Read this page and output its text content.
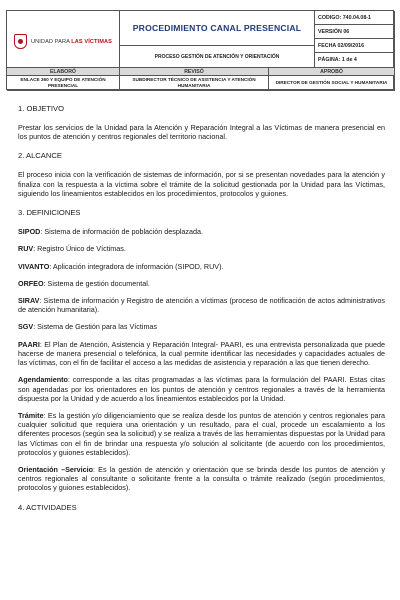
UNIDAD PARA LAS VÍCTIMAS
PROCEDIMIENTO CANAL PRESENCIAL
PROCESO GESTIÓN DE ATENCIÓN Y ORIENTACIÓN
CODIGO: 740.04.08-1
VERSIÓN 06
FECHA 02/09/2016
PÁGINA: 1 de 4
ELABORÓ	REVISÓ	APROBÓ
ENLACE 360 Y EQUIPO DE ATENCIÓN PRESENCIAL
SUBDIRECTOR TÉCNICO DE ASISTENCIA Y ATENCIÓN HUMANITARIA
DIRECTOR DE GESTIÓN SOCIAL Y HUMANITARIA
1. OBJETIVO
Prestar los servicios de la Unidad para la Atención y Reparación Integral a las Víctimas de manera presencial en los puntos de atención y centros regionales del territorio nacional.
2. ALCANCE
El proceso inicia con la verificación de sistemas de información, por si se presentan novedades para la atención y finaliza con la respuesta a la víctima sobre el trámite de la solicitud gestionada por la Unidad para las Víctimas, siguiendo los lineamientos establecidos en los procedimientos, protocolos y guiones.
3. DEFINICIONES
SIPOD: Sistema de información de población desplazada.
RUV: Registro Único de Víctimas.
VIVANTO: Aplicación integradora de información (SIPOD, RUV).
ORFEO: Sistema de gestión documental.
SIRAV: Sistema de información y Registro de atención a víctimas (proceso de notificación de actos administrativos de atención humanitaria).
SGV: Sistema de Gestión para las Víctimas
PAARI: El Plan de Atención, Asistencia y Reparación Integral- PAARI, es una entrevista personalizada que puede hacerse de manera presencial o telefónica, la cual permite identificar las necesidades y capacidades actuales de las víctimas, con el fin de facilitar el acceso a las medidas de asistencia y reparación a las que tienen derecho.
Agendamiento: corresponde a las citas programadas a las víctimas para la formulación del PAARI. Estas citas son agendadas por los orientadores en los puntos de atención y centros regionales a través de la herramienta dispuesta por la Unidad y de acuerdo a los lineamientos establecidos por la Unidad.
Trámite: Es la gestión y/o diligenciamiento que se realiza desde los puntos de atención y centros regionales para cualquier solicitud que requiera una orientación y un resultado, para el cual, procede un escalamiento a los diferentes procesos (según sea la solicitud) y se realiza a través de las herramientas dispuestas por la Unidad para las Víctimas con el fin de brindar una respuesta y/o solución al solicitante (de acuerdo con los procedimientos, protocolos y guiones establecidos).
Orientación –Servicio: Es la gestión de atención y orientación que se brinda desde los puntos de atención y centros regionales al consultante o solicitante frente a la consulta o trámite realizado (según procedimientos, protocolos y guiones establecidos).
4. ACTIVIDADES
